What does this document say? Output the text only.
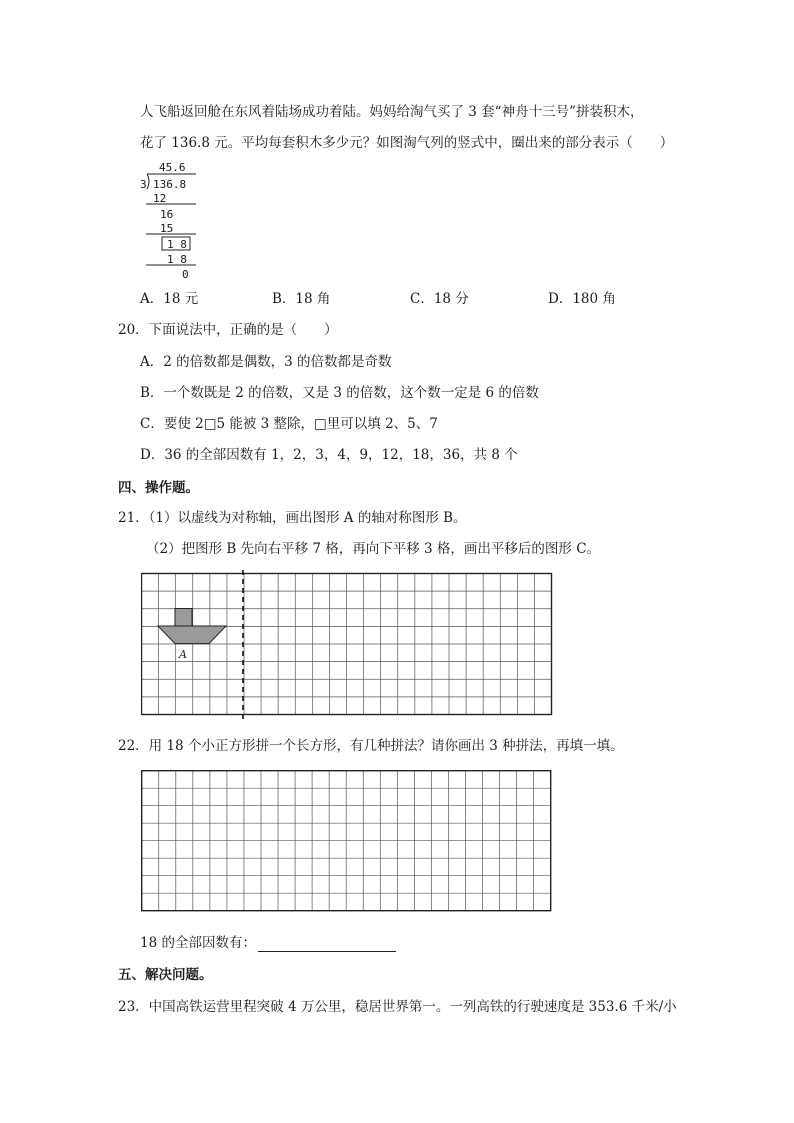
人飞船返回舱在东风着陆场成功着陆。妈妈给淘气买了 3 套“神舟十三号”拼装积木，
花了 136.8 元。平均每套积木多少元？如图淘气列的竖式中，圈出来的部分表示（　　）
45.6
3 136.8
12
16
15
1 8
1 8
0
A．18 元	B．18 角	C．18 分	D．180 角
20．下面说法中，正确的是（　　）
A．2 的倍数都是偶数，3 的倍数都是奇数
B．一个数既是 2 的倍数，又是 3 的倍数，这个数一定是 6 的倍数
C．要使 2□5 能被 3 整除，□里可以填 2、5、7
D．36 的全部因数有 1，2，3，4，9，12，18，36，共 8 个
四、操作题。
21．（1）以虚线为对称轴，画出图形 A 的轴对称图形 B。
（2）把图形 B 先向右平移 7 格，再向下平移 3 格，画出平移后的图形 C。
A
22．用 18 个小正方形拼一个长方形，有几种拼法？请你画出 3 种拼法，再填一填。
18 的全部因数有：
五、解决问题。
23．中国高铁运营里程突破 4 万公里，稳居世界第一。一列高铁的行驶速度是 353.6 千米/小
